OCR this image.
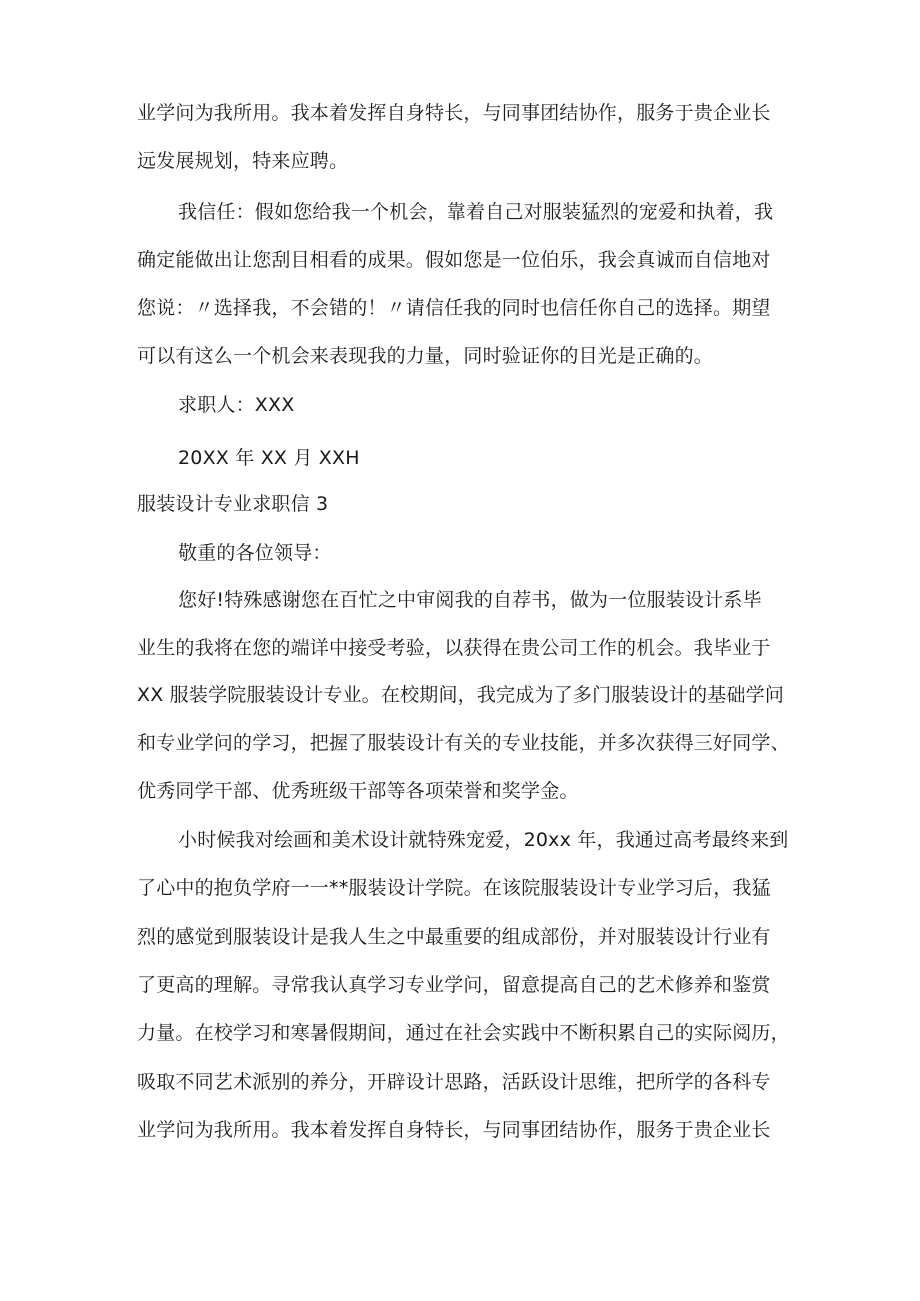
业学问为我所用。我本着发挥自身特长，与同事团结协作，服务于贵企业长

远发展规划，特来应聘。

我信任：假如您给我一个机会，靠着自己对服装猛烈的宠爱和执着，我

确定能做出让您刮目相看的成果。假如您是一位伯乐，我会真诚而自信地对

您说：〃选择我，不会错的！〃请信任我的同时也信任你自己的选择。期望

可以有这么一个机会来表现我的力量，同时验证你的目光是正确的。

求职人：XXX

20XX 年 XX 月 XXH

服装设计专业求职信 3

敬重的各位领导：

您好!特殊感谢您在百忙之中审阅我的自荐书，做为一位服装设计系毕

业生的我将在您的端详中接受考验，以获得在贵公司工作的机会。我毕业于

XX 服装学院服装设计专业。在校期间，我完成为了多门服装设计的基础学问

和专业学问的学习，把握了服装设计有关的专业技能，并多次获得三好同学、

优秀同学干部、优秀班级干部等各项荣誉和奖学金。

小时候我对绘画和美术设计就特殊宠爱，20xx 年，我通过高考最终来到

了心中的抱负学府一一**服装设计学院。在该院服装设计专业学习后，我猛

烈的感觉到服装设计是我人生之中最重要的组成部份，并对服装设计行业有

了更高的理解。寻常我认真学习专业学问，留意提高自己的艺术修养和鉴赏

力量。在校学习和寒暑假期间，通过在社会实践中不断积累自己的实际阅历，

吸取不同艺术派别的养分，开辟设计思路，活跃设计思维，把所学的各科专

业学问为我所用。我本着发挥自身特长，与同事团结协作，服务于贵企业长
